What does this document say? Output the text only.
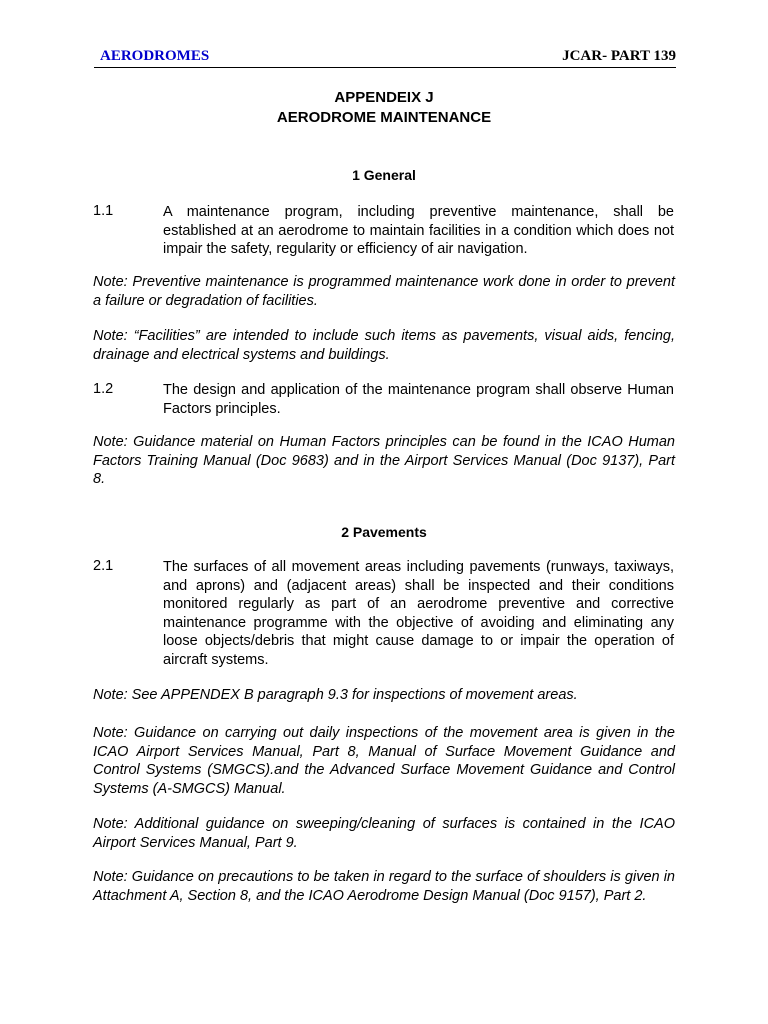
AERODROMES	JCAR- PART 139
APPENDEIX J
AERODROME MAINTENANCE
1 General
1.1	A maintenance program, including preventive maintenance, shall be established at an aerodrome to maintain facilities in a condition which does not impair the safety, regularity or efficiency of air navigation.
Note: Preventive maintenance is programmed maintenance work done in order to prevent a failure or degradation of facilities.
Note: “Facilities” are intended to include such items as pavements, visual aids, fencing, drainage and electrical systems and buildings.
1.2	The design and application of the maintenance program shall observe Human Factors principles.
Note: Guidance material on Human Factors principles can be found in the ICAO Human Factors Training Manual (Doc 9683) and in the Airport Services Manual (Doc 9137), Part 8.
2 Pavements
2.1	The surfaces of all movement areas including pavements (runways, taxiways, and aprons) and (adjacent areas) shall be inspected and their conditions monitored regularly as part of an aerodrome preventive and corrective maintenance programme with the objective of avoiding and eliminating any loose objects/debris that might cause damage to or impair the operation of aircraft systems.
Note: See APPENDEX B paragraph 9.3 for inspections of movement areas.
Note: Guidance on carrying out daily inspections of the movement area is given in the ICAO Airport Services Manual, Part 8, Manual of Surface Movement Guidance and Control Systems (SMGCS).and the Advanced Surface Movement Guidance and Control Systems (A-SMGCS) Manual.
Note: Additional guidance on sweeping/cleaning of surfaces is contained in the ICAO Airport Services Manual, Part 9.
Note: Guidance on precautions to be taken in regard to the surface of shoulders is given in Attachment A, Section 8, and the ICAO Aerodrome Design Manual (Doc 9157), Part 2.
